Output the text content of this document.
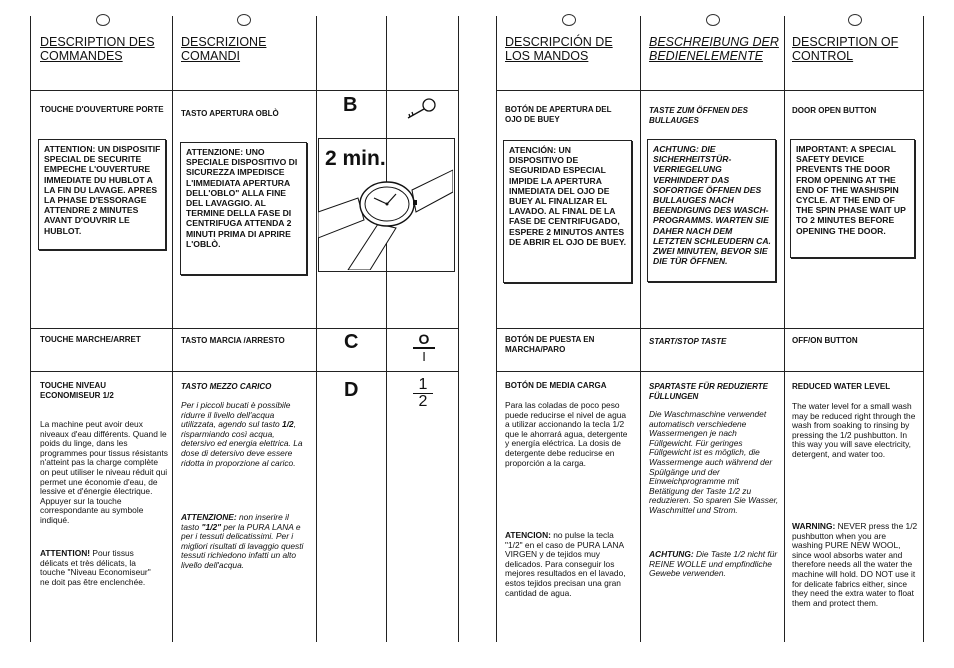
DESCRIPTION DES COMMANDES
TOUCHE D'OUVERTURE PORTE
ATTENTION: UN DISPOSITIF SPECIAL DE SECURITE EMPECHE L'OUVERTURE IMMEDIATE DU HUBLOT A LA FIN DU LAVAGE. APRES LA PHASE D'ESSORAGE ATTENDRE 2 MINUTES AVANT D'OUVRIR LE HUBLOT.
TOUCHE MARCHE/ARRET
TOUCHE NIVEAU ECONOMISEUR 1/2
La machine peut avoir deux niveaux d'eau différents. Quand le poids du linge, dans les programmes pour tissus résistants n'atteint pas la charge complète on peut utiliser le niveau réduit qui permet une économie d'eau, de lessive et d'énergie électrique. Appuyer sur la touche correspondante au symbole indiqué.
ATTENTION! Pour tissus délicats et très délicats, la touche "Niveau Economiseur" ne doit pas être enclenchée.
DESCRIZIONE COMANDI
TASTO APERTURA OBLÒ
ATTENZIONE: UNO SPECIALE DISPOSITIVO DI SICUREZZA IMPEDISCE L'IMMEDIATA APERTURA DELL'OBLO" ALLA FINE DEL LAVAGGIO. AL TERMINE DELLA FASE DI CENTRIFUGA ATTENDA 2 MINUTI PRIMA DI APRIRE L'OBLÒ.
TASTO MARCIA /ARRESTO
TASTO MEZZO CARICO
Per i piccoli bucati è possibile ridurre il livello dell'acqua utilizzata, agendo sul tasto 1/2, risparmiando così acqua, detersivo ed energia elettrica. La dose di detersivo deve essere ridotta in proporzione al carico.
ATTENZIONE: non inserire il tasto "1/2" per la PURA LANA e per i tessuti delicatissimi. Per i migliori risultati di lavaggio questi tessuti richiedono infatti un alto livello dell'acqua.
B
2 min.
C	O
I
D	1
2
DESCRIPCIÓN DE LOS MANDOS
BOTÓN DE APERTURA DEL OJO DE BUEY
ATENCIÓN: UN DISPOSITIVO DE SEGURIDAD ESPECIAL IMPIDE LA APERTURA INMEDIATA DEL OJO DE BUEY AL FINALIZAR EL LAVADO. AL FINAL DE LA FASE DE CENTRIFUGADO, ESPERE 2 MINUTOS ANTES DE ABRIR EL OJO DE BUEY.
BOTÓN DE PUESTA EN MARCHA/PARO
BOTÓN DE MEDIA CARGA
Para las coladas de poco peso puede reducirse el nivel de agua a utilizar accionando la tecla 1/2 que le ahorrará agua, detergente y energía eléctrica. La dosis de detergente debe reducirse en proporción a la carga.
ATENCION: no pulse la tecla "1/2" en el caso de PURA LANA VIRGEN y de tejidos muy delicados. Para conseguir los mejores resultados en el lavado, estos tejidos precisan una gran cantidad de agua.
BESCHREIBUNG DER BEDIENELEMENTE
TASTE ZUM ÖFFNEN DES BULLAUGES
ACHTUNG: DIE SICHERHEITSTÜR-VERRIEGELUNG VERHINDERT DAS SOFORTIGE ÖFFNEN DES BULLAUGES NACH BEENDIGUNG DES WASCH-PROGRAMMS. WARTEN SIE DAHER NACH DEM LETZTEN SCHLEUDERN CA. ZWEI MINUTEN, BEVOR SIE DIE TÜR ÖFFNEN.
START/STOP TASTE
SPARTASTE FÜR REDUZIERTE FÜLLUNGEN
Die Waschmaschine verwendet automatisch verschiedene Wassermengen je nach Füllgewicht. Für geringes Füllgewicht ist es möglich, die Wassermenge auch während der Spülgänge und der Einweichprogramme mit Betätigung der Taste 1/2 zu reduzieren. So sparen Sie Wasser, Waschmittel und Strom.
ACHTUNG: Die Taste 1/2 nicht für REINE WOLLE und empfindliche Gewebe verwenden.
DESCRIPTION OF CONTROL
DOOR OPEN BUTTON
IMPORTANT: A SPECIAL SAFETY DEVICE PREVENTS THE DOOR FROM OPENING AT THE END OF THE WASH/SPIN CYCLE. AT THE END OF THE SPIN PHASE WAIT UP TO 2 MINUTES BEFORE OPENING THE DOOR.
OFF/ON BUTTON
REDUCED WATER LEVEL
The water level for a small wash may be reduced right through the wash from soaking to rinsing by pressing the 1/2 pushbutton. In this way you will save electricity, detergent, and water too.
WARNING: NEVER press the 1/2 pushbutton when you are washing PURE NEW WOOL, since wool absorbs water and therefore needs all the water the machine will hold. DO NOT use it for delicate fabrics either, since they need the extra water to float them and protect them.
